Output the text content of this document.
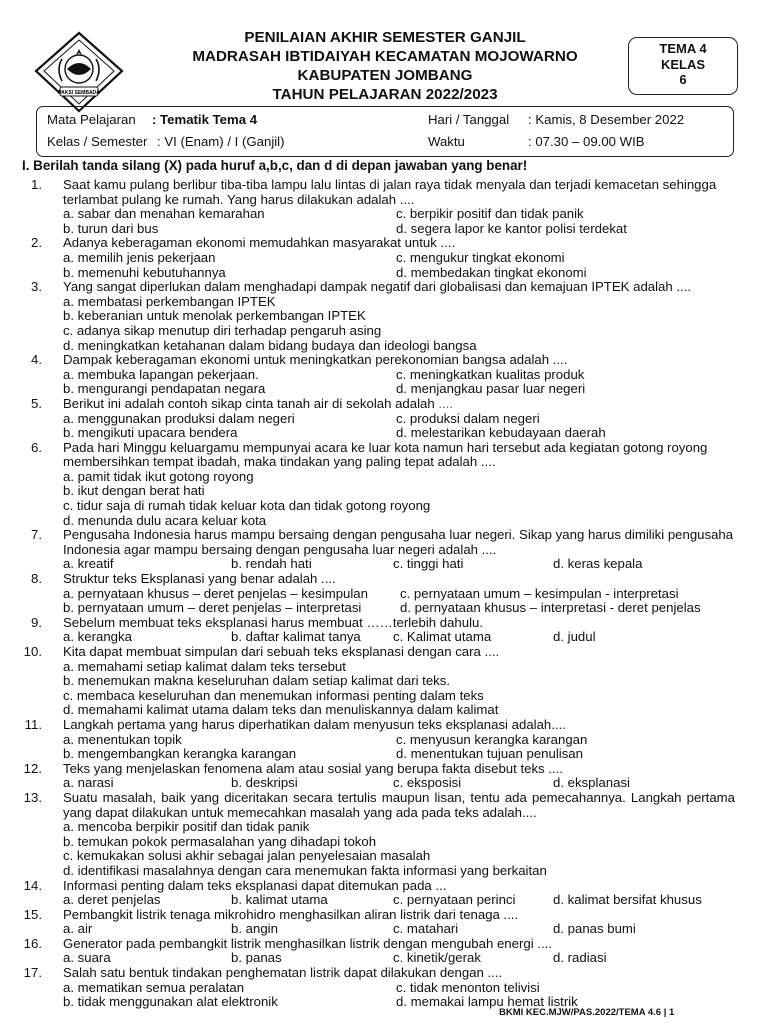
PAKSI SEMBADA
PENILAIAN AKHIR SEMESTER GANJIL
MADRASAH IBTIDAIYAH KECAMATAN MOJOWARNO
KABUPATEN JOMBANG
TAHUN PELAJARAN 2022/2023
TEMA 4
KELAS
6
Mata Pelajaran : Tematik Tema 4	Hari / Tanggal : Kamis, 8 Desember 2022
Kelas / Semester : VI (Enam) / I (Ganjil)	Waktu	: 07.30 – 09.00 WIB
I. Berilah tanda silang (X) pada huruf a,b,c, dan d di depan jawaban yang benar!
1. Saat kamu pulang berlibur tiba-tiba lampu lalu lintas di jalan raya tidak menyala dan terjadi kemacetan sehingga terlambat pulang ke rumah. Yang harus dilakukan adalah ....
a. sabar dan menahan kemarahan	c. berpikir positif dan tidak panik
b. turun dari bus	d. segera lapor ke kantor polisi terdekat
2. Adanya keberagaman ekonomi memudahkan masyarakat untuk ....
a. memilih jenis pekerjaan	c. mengukur tingkat ekonomi
b. memenuhi kebutuhannya	d. membedakan tingkat ekonomi
3. Yang sangat diperlukan dalam menghadapi dampak negatif dari globalisasi dan kemajuan IPTEK adalah ....
a. membatasi perkembangan IPTEK
b. keberanian untuk menolak perkembangan IPTEK
c. adanya sikap menutup diri terhadap pengaruh asing
d. meningkatkan ketahanan dalam bidang budaya dan ideologi bangsa
4. Dampak keberagaman ekonomi untuk meningkatkan perekonomian bangsa adalah ....
a. membuka lapangan pekerjaan.	c. meningkatkan kualitas produk
b. mengurangi pendapatan negara	d. menjangkau pasar luar negeri
5. Berikut ini adalah contoh sikap cinta tanah air di sekolah adalah ....
a. menggunakan produksi dalam negeri	c. produksi dalam negeri
b. mengikuti upacara bendera	d. melestarikan kebudayaan daerah
6. Pada hari Minggu keluargamu mempunyai acara ke luar kota namun hari tersebut ada kegiatan gotong royong membersihkan tempat ibadah, maka tindakan yang paling tepat adalah ....
a. pamit tidak ikut gotong royong
b. ikut dengan berat hati
c. tidur saja di rumah tidak keluar kota dan tidak gotong royong
d. menunda dulu acara keluar kota
7. Pengusaha Indonesia harus mampu bersaing dengan pengusaha luar negeri. Sikap yang harus dimiliki pengusaha Indonesia agar mampu bersaing dengan pengusaha luar negeri adalah ....
a. kreatif	b. rendah hati	c. tinggi hati	d. keras kepala
8. Struktur teks Eksplanasi yang benar adalah ....
a. pernyataan khusus – deret penjelas – kesimpulan c. pernyataan umum – kesimpulan - interpretasi
b. pernyataan umum – deret penjelas – interpretasi	d. pernyataan khusus – interpretasi - deret penjelas
9. Sebelum membuat teks eksplanasi harus membuat ……terlebih dahulu.
a. kerangka	b. daftar kalimat tanya c. Kalimat utama	d. judul
10. Kita dapat membuat simpulan dari sebuah teks eksplanasi dengan cara ....
a. memahami setiap kalimat dalam teks tersebut
b. menemukan makna keseluruhan dalam setiap kalimat dari teks.
c. membaca keseluruhan dan menemukan informasi penting dalam teks
d. memahami kalimat utama dalam teks dan menuliskannya dalam kalimat
11. Langkah pertama yang harus diperhatikan dalam menyusun teks eksplanasi adalah....
a. menentukan topik	c. menyusun kerangka karangan
b. mengembangkan kerangka karangan	d. menentukan tujuan penulisan
12. Teks yang menjelaskan fenomena alam atau sosial yang berupa fakta disebut teks ....
a. narasi	b. deskripsi	c. eksposisi	d. eksplanasi
13. Suatu masalah, baik yang diceritakan secara tertulis maupun lisan, tentu ada pemecahannya. Langkah pertama yang dapat dilakukan untuk memecahkan masalah yang ada pada teks adalah....
a. mencoba berpikir positif dan tidak panik
b. temukan pokok permasalahan yang dihadapi tokoh
c. kemukakan solusi akhir sebagai jalan penyelesaian masalah
d. identifikasi masalahnya dengan cara menemukan fakta informasi yang berkaitan
14. Informasi penting dalam teks eksplanasi dapat ditemukan pada ...
a. deret penjelas	b. kalimat utama	c. pernyataan perinci	d. kalimat bersifat khusus
15. Pembangkit listrik tenaga mikrohidro menghasilkan aliran listrik dari tenaga ....
a. air	b. angin	c. matahari	d. panas bumi
16. Generator pada pembangkit listrik menghasilkan listrik dengan mengubah energi ....
a. suara	b. panas	c. kinetik/gerak	d. radiasi
17. Salah satu bentuk tindakan penghematan listrik dapat dilakukan dengan ....
a. mematikan semua peralatan	c. tidak menonton telivisi
b. tidak menggunakan alat elektronik	d. memakai lampu hemat listrik
BKMI KEC.MJW/PAS.2022/TEMA 4.6 | 1
